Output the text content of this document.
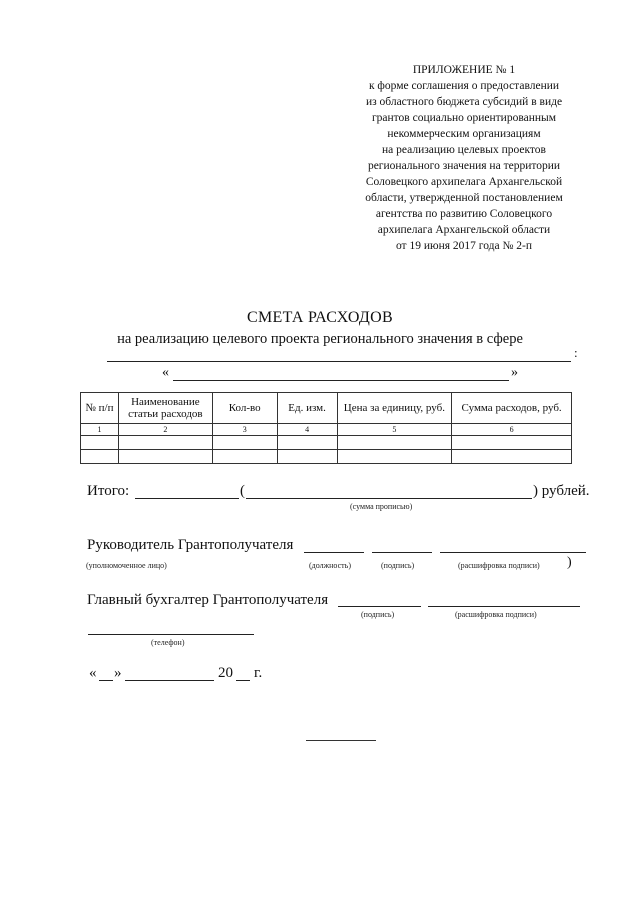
ПРИЛОЖЕНИЕ № 1
к форме соглашения о предоставлении
из областного бюджета субсидий в виде
грантов социально ориентированным
некоммерческим организациям
на реализацию целевых проектов
регионального значения на территории
Соловецкого архипелага Архангельской
области, утвержденной постановлением
агентства по развитию Соловецкого
архипелага Архангельской области
от 19 июня 2017 года № 2-п
СМЕТА РАСХОДОВ
на реализацию целевого проекта регионального значения в сфере
:
«	»
№ п/п	Наименование статьи расходов	Кол-во	Ед. изм.	Цена за единицу, руб.	Сумма расходов, руб.
1	2	3	4	5	6

Итого:	(	) рублей.
(сумма прописью)
Руководитель Грантополучателя
(уполномоченное лицо)	(должность)	(подпись)	(расшифровка подписи) )
Главный бухгалтер Грантополучателя
(подпись)	(расшифровка подписи)
(телефон)
« »	20 г.
